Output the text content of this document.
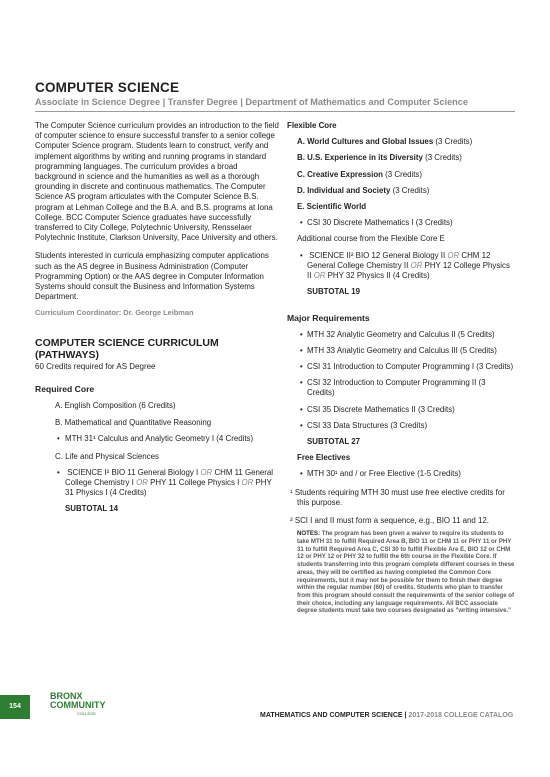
COMPUTER SCIENCE
Associate in Science Degree | Transfer Degree | Department of Mathematics and Computer Science
The Computer Science curriculum provides an introduction to the field of computer science to ensure successful transfer to a senior college Computer Science program. Students learn to construct, verify and implement algorithms by writing and running programs in standard programming languages. The curriculum provides a broad background in science and the humanities as well as a thorough grounding in discrete and continuous mathematics. The Computer Science AS program articulates with the Computer Science B.S. program at Lehman College and the B.A. and B.S. programs at Iona College. BCC Computer Science graduates have successfully transferred to City College, Polytechnic University, Rensselaer Polytechnic Institute, Clarkson University, Pace University and others.
Students interested in curricula emphasizing computer applications such as the AS degree in Business Administration (Computer Programming Option) or the AAS degree in Computer Information Systems should consult the Business and Information Systems Department.
Curriculum Coordinator: Dr. George Leibman
COMPUTER SCIENCE CURRICULUM (PATHWAYS)
60 Credits required for AS Degree
Required Core
A. English Composition (6 Credits)
B. Mathematical and Quantitative Reasoning
• MTH 31¹ Calculus and Analytic Geometry I (4 Credits)
C. Life and Physical Sciences
• SCIENCE I² BIO 11 General Biology I OR CHM 11 General College Chemistry I OR PHY 11 College Physics I OR PHY 31 Physics I (4 Credits)
SUBTOTAL 14
Flexible Core
A. World Cultures and Global Issues (3 Credits)
B. U.S. Experience in its Diversity (3 Credits)
C. Creative Expression (3 Credits)
D. Individual and Society (3 Credits)
E. Scientific World
• CSI 30 Discrete Mathematics I (3 Credits)
Additional course from the Flexible Core E
• SCIENCE II² BIO 12 General Biology II OR CHM 12 General College Chemistry II OR PHY 12 College Physics II OR PHY 32 Physics II (4 Credits)
SUBTOTAL 19
Major Requirements
• MTH 32 Analytic Geometry and Calculus II (5 Credits)
• MTH 33 Analytic Geometry and Calculus III (5 Credits)
• CSI 31 Introduction to Computer Programming I (3 Credits)
• CSI 32 Introduction to Computer Programming II (3 Credits)
• CSI 35 Discrete Mathematics II (3 Credits)
• CSI 33 Data Structures (3 Credits)
SUBTOTAL 27
Free Electives
• MTH 30¹ and / or Free Elective (1-5 Credits)
¹ Students requiring MTH 30 must use free elective credits for this purpose.
² SCI I and II must form a sequence, e.g., BIO 11 and 12.
NOTES: The program has been given a waiver to require its students to take MTH 31 to fulfill Required Area B, BIO 11 or CHM 11 or PHY 11 or PHY 31 to fulfill Required Area C, CSI 30 to fulfill Flexible Are E, BIO 12 or CHM 12 or PHY 12 or PHY 32 to fulfill the 6th course in the Flexible Core. If students transferring into this program complete different courses in these areas, they will be certified as having completed the Common Core requirements, but it may not be possible for them to finish their degree within the regular number (60) of credits. Students who plan to transfer from this program should consult the requirements of the senior college of their choice, including any language requirements. All BCC associate degree students must take two courses designated as "writing intensive."
154
BRONX
COMMUNITY
COLLEGE	MATHEMATICS AND COMPUTER SCIENCE | 2017-2018 COLLEGE CATALOG
